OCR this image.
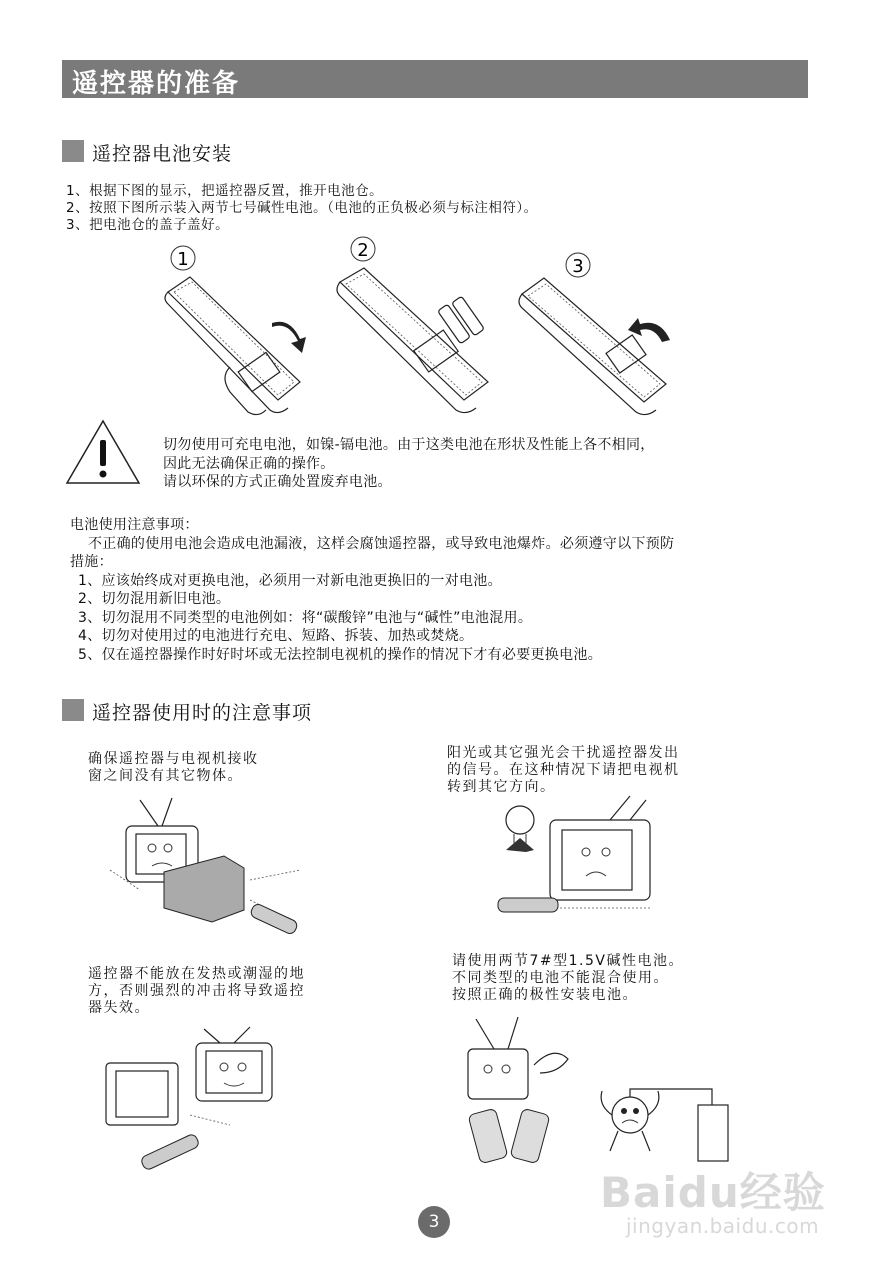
遥控器的准备
遥控器电池安装
1、根据下图的显示，把遥控器反置，推开电池仓。
2、按照下图所示装入两节七号碱性电池。（电池的正负极必须与标注相符）。
3、把电池仓的盖子盖好。
1	2
3
切勿使用可充电电池，如镍-镉电池。由于这类电池在形状及性能上各不相同，
因此无法确保正确的操作。
请以环保的方式正确处置废弃电池。
电池使用注意事项：
不正确的使用电池会造成电池漏液，这样会腐蚀遥控器，或导致电池爆炸。必须遵守以下预防
措施：
1、应该始终成对更换电池，必须用一对新电池更换旧的一对电池。
2、切勿混用新旧电池。
3、切勿混用不同类型的电池例如：将“碳酸锌”电池与“碱性”电池混用。
4、切勿对使用过的电池进行充电、短路、拆装、加热或焚烧。
5、仅在遥控器操作时好时坏或无法控制电视机的操作的情况下才有必要更换电池。
遥控器使用时的注意事项
确保遥控器与电视机接收
窗之间没有其它物体。
阳光或其它强光会干扰遥控器发出
的信号。在这种情况下请把电视机
转到其它方向。
遥控器不能放在发热或潮湿的地
方，否则强烈的冲击将导致遥控
器失效。
请使用两节7#型1.5V碱性电池。
不同类型的电池不能混合使用。
按照正确的极性安装电池。
3
Baidu经验
jingyan.baidu.com
